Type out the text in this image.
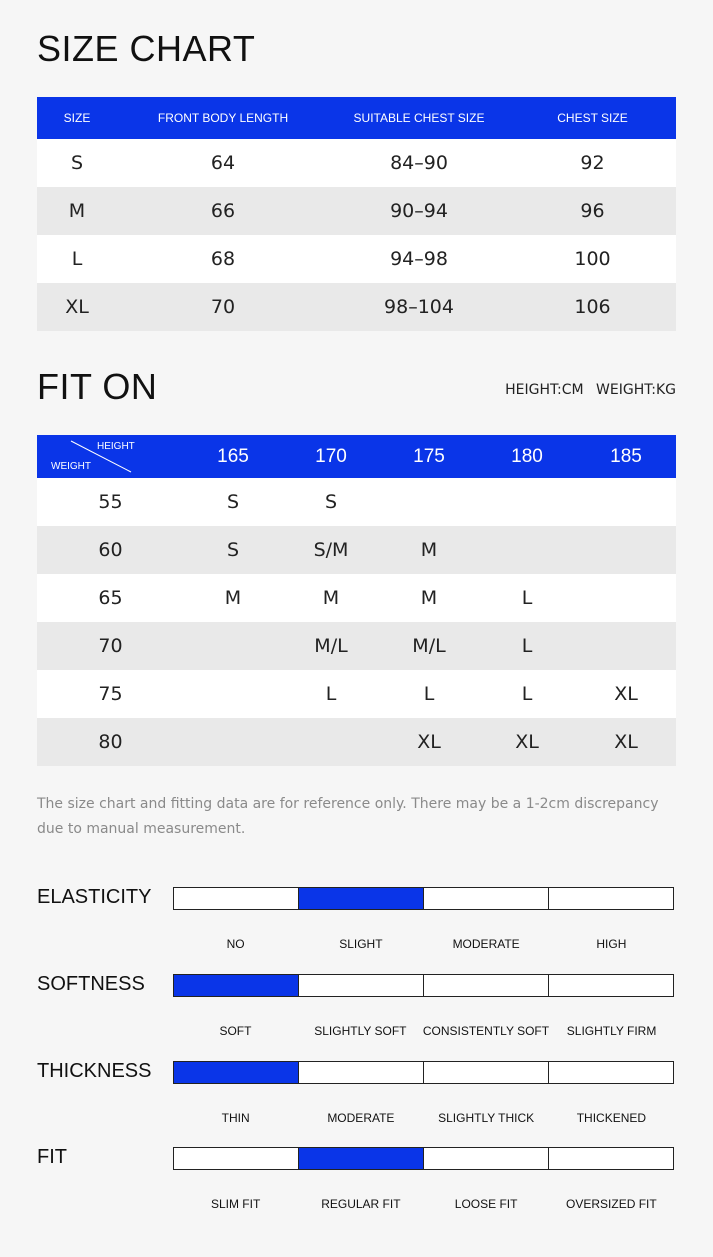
SIZE CHART
SIZE	FRONT BODY LENGTH	SUITABLE CHEST SIZE	CHEST SIZE
S	64	84–90	92
M	66	90–94	96
L	68	94–98	100
XL	70	98–104	106
FIT ON	HEIGHT:CM WEIGHT:KG
HEIGHT
WEIGHT	165	170	175	180	185
55	S	S			
60	S	S/M	M		
65	M	M	M	L	
70		M/L	M/L	L	
75		L	L	L	XL
80			XL	XL	XL

The size chart and fitting data are for reference only. There may be a 1-2cm discrepancy due to manual measurement.

ELASTICITY
NO	SLIGHT	MODERATE	HIGH
SOFTNESS
SOFT	SLIGHTLY SOFT	CONSISTENTLY SOFT	SLIGHTLY FIRM
THICKNESS
THIN	MODERATE	SLIGHTLY THICK	THICKENED
FIT
SLIM FIT	REGULAR FIT	LOOSE FIT	OVERSIZED FIT
